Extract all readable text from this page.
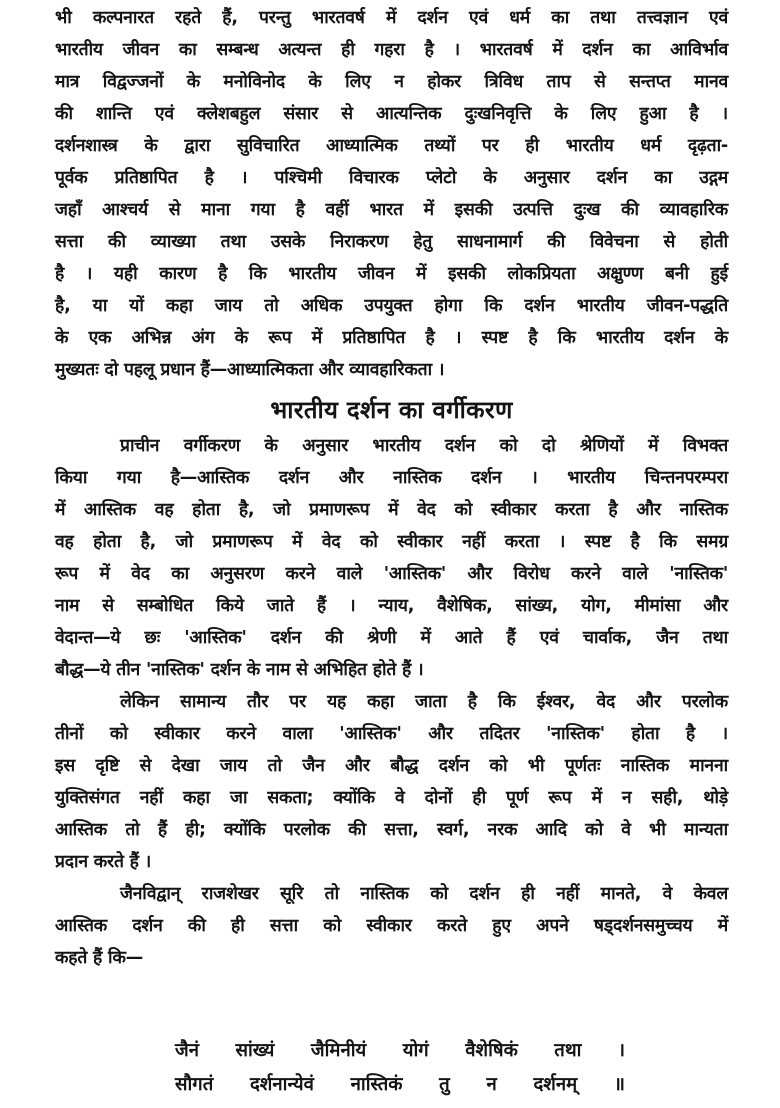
भी कल्पनारत रहते हैं, परन्तु भारतवर्ष में दर्शन एवं धर्म का तथा तत्त्वज्ञान एवं
भारतीय जीवन का सम्बन्ध अत्यन्त ही गहरा है । भारतवर्ष में दर्शन का आविर्भाव
मात्र विद्वज्जनों के मनोविनोद के लिए न होकर त्रिविध ताप से सन्तप्त मानव
की शान्ति एवं क्लेशबहुल संसार से आत्यन्तिक दुःखनिवृत्ति के लिए हुआ है ।
दर्शनशास्त्र के द्वारा सुविचारित आध्यात्मिक तथ्यों पर ही भारतीय धर्म दृढ़ता-
पूर्वक प्रतिष्ठापित है । पश्चिमी विचारक प्लेटो के अनुसार दर्शन का उद्गम
जहाँ आश्चर्य से माना गया है वहीं भारत में इसकी उत्पत्ति दुःख की व्यावहारिक
सत्ता की व्याख्या तथा उसके निराकरण हेतु साधनामार्ग की विवेचना से होती
है । यही कारण है कि भारतीय जीवन में इसकी लोकप्रियता अक्षुण्ण बनी हुई
है, या यों कहा जाय तो अधिक उपयुक्त होगा कि दर्शन भारतीय जीवन-पद्धति
के एक अभिन्न अंग के रूप में प्रतिष्ठापित है । स्पष्ट है कि भारतीय दर्शन के
मुख्यतः दो पहलू प्रधान हैं—आध्यात्मिकता और व्यावहारिकता ।
भारतीय दर्शन का वर्गीकरण
प्राचीन वर्गीकरण के अनुसार भारतीय दर्शन को दो श्रेणियों में विभक्त
किया गया है—आस्तिक दर्शन और नास्तिक दर्शन । भारतीय चिन्तनपरम्परा
में आस्तिक वह होता है, जो प्रमाणरूप में वेद को स्वीकार करता है और नास्तिक
वह होता है, जो प्रमाणरूप में वेद को स्वीकार नहीं करता । स्पष्ट है कि समग्र
रूप में वेद का अनुसरण करने वाले 'आस्तिक' और विरोध करने वाले 'नास्तिक'
नाम से सम्बोधित किये जाते हैं । न्याय, वैशेषिक, सांख्य, योग, मीमांसा और
वेदान्त—ये छः 'आस्तिक' दर्शन की श्रेणी में आते हैं एवं चार्वाक, जैन तथा
बौद्ध—ये तीन 'नास्तिक' दर्शन के नाम से अभिहित होते हैं ।
लेकिन सामान्य तौर पर यह कहा जाता है कि ईश्वर, वेद और परलोक
तीनों को स्वीकार करने वाला 'आस्तिक' और तदितर 'नास्तिक' होता है ।
इस दृष्टि से देखा जाय तो जैन और बौद्ध दर्शन को भी पूर्णतः नास्तिक मानना
युक्तिसंगत नहीं कहा जा सकता; क्योंकि वे दोनों ही पूर्ण रूप में न सही, थोड़े
आस्तिक तो हैं ही; क्योंकि परलोक की सत्ता, स्वर्ग, नरक आदि को वे भी मान्यता
प्रदान करते हैं ।
जैनविद्वान् राजशेखर सूरि तो नास्तिक को दर्शन ही नहीं मानते, वे केवल
आस्तिक दर्शन की ही सत्ता को स्वीकार करते हुए अपने षड्दर्शनसमुच्चय में
कहते हैं कि—
जैनं सांख्यं जैमिनीयं योगं वैशेषिकं तथा ।
सौगतं दर्शनान्येवं नास्तिकं तु न दर्शनम् ॥
